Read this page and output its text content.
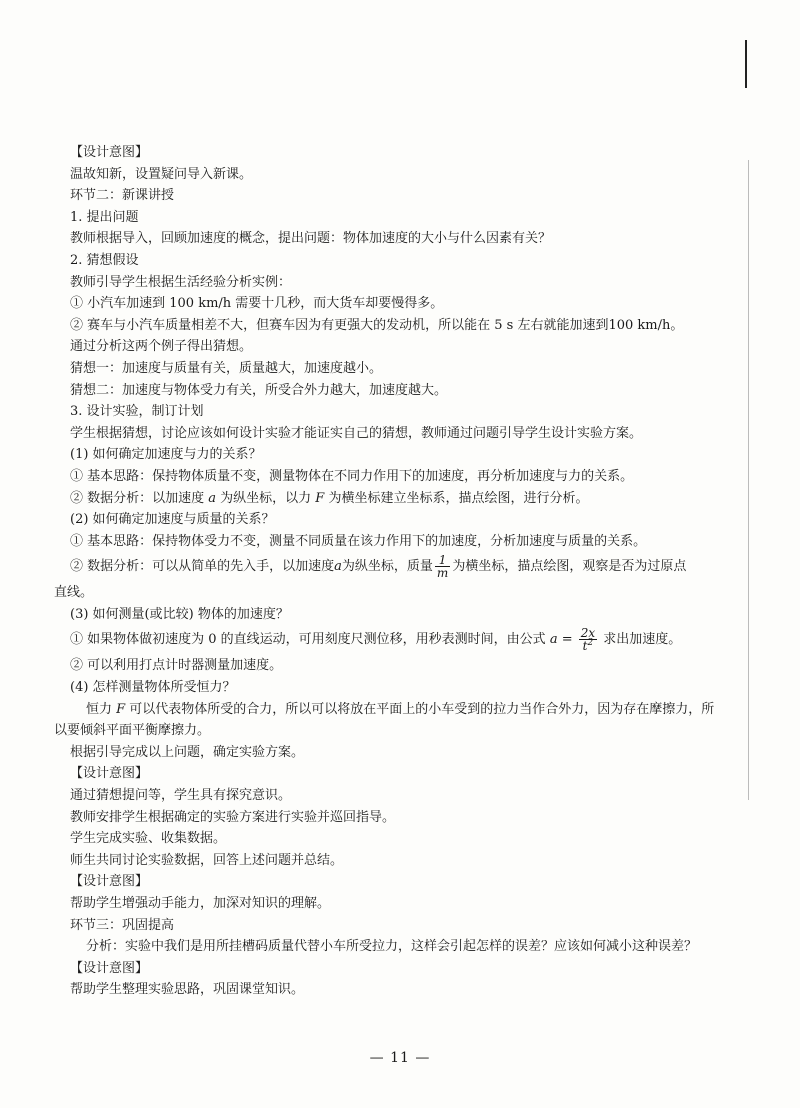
【设计意图】
温故知新，设置疑问导入新课。
环节二：新课讲授
1. 提出问题
教师根据导入，回顾加速度的概念，提出问题：物体加速度的大小与什么因素有关？
2. 猜想假设
教师引导学生根据生活经验分析实例：
① 小汽车加速到 100 km/h 需要十几秒，而大货车却要慢得多。
② 赛车与小汽车质量相差不大，但赛车因为有更强大的发动机，所以能在 5 s 左右就能加速到100 km/h。
通过分析这两个例子得出猜想。
猜想一：加速度与质量有关，质量越大，加速度越小。
猜想二：加速度与物体受力有关，所受合外力越大，加速度越大。
3. 设计实验，制订计划
学生根据猜想，讨论应该如何设计实验才能证实自己的猜想，教师通过问题引导学生设计实验方案。
(1) 如何确定加速度与力的关系？
① 基本思路：保持物体质量不变，测量物体在不同力作用下的加速度，再分析加速度与力的关系。
② 数据分析：以加速度 a 为纵坐标，以力 F 为横坐标建立坐标系，描点绘图，进行分析。
(2) 如何确定加速度与质量的关系？
① 基本思路：保持物体受力不变，测量不同质量在该力作用下的加速度，分析加速度与质量的关系。
② 数据分析：可以从简单的先入手，以加速度a为纵坐标，质量 $\frac{1}{m}$ 为横坐标，描点绘图，观察是否为过原点
直线。
(3) 如何测量(或比较) 物体的加速度？
① 如果物体做初速度为 0 的直线运动，可用刻度尺测位移，用秒表测时间，由公式 $a = \frac{2x}{t^2}$ 求出加速度。
② 可以利用打点计时器测量加速度。
(4) 怎样测量物体所受恒力？
恒力 F 可以代表物体所受的合力，所以可以将放在平面上的小车受到的拉力当作合外力，因为存在摩擦力，所以要倾斜平面平衡摩擦力。
根据引导完成以上问题，确定实验方案。
【设计意图】
通过猜想提问等，学生具有探究意识。
教师安排学生根据确定的实验方案进行实验并巡回指导。
学生完成实验、收集数据。
师生共同讨论实验数据，回答上述问题并总结。
【设计意图】
帮助学生增强动手能力，加深对知识的理解。
环节三：巩固提高
分析：实验中我们是用所挂槽码质量代替小车所受拉力，这样会引起怎样的误差？应该如何减小这种误差？
【设计意图】
帮助学生整理实验思路，巩固课堂知识。
— 11 —
